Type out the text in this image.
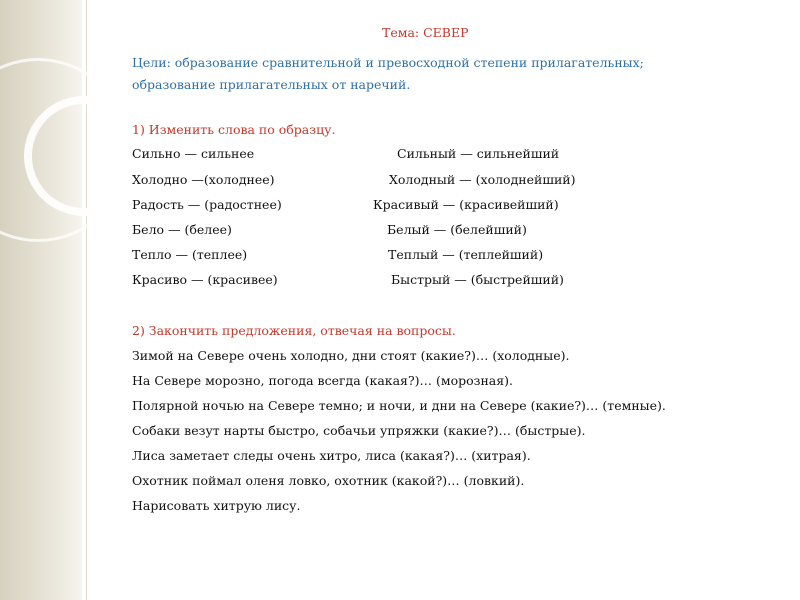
Тема: СЕВЕР
Цели: образование сравнительной и превосходной степени прилагательных;
образование прилагательных от наречий.
1) Изменить слова по образцу.
Сильно — сильнее	Сильный — сильнейший
Холодно —(холоднее)	Холодный — (холоднейший)
Радость — (радостнее)	Красивый — (красивейший)
Бело — (белее)	Белый — (белейший)
Тепло — (теплее)	Теплый — (теплейший)
Красиво — (красивее)	Быстрый — (быстрейший)
2) Закончить предложения, отвечая на вопросы.
Зимой на Севере очень холодно, дни стоят (какие?)… (холодные).
На Севере морозно, погода всегда (какая?)… (морозная).
Полярной ночью на Севере темно; и ночи, и дни на Севере (какие?)… (темные).
Собаки везут нарты быстро, собачьи упряжки (какие?)… (быстрые).
Лиса заметает следы очень хитро, лиса (какая?)… (хитрая).
Охотник поймал оленя ловко, охотник (какой?)… (ловкий).
Нарисовать хитрую лису.
